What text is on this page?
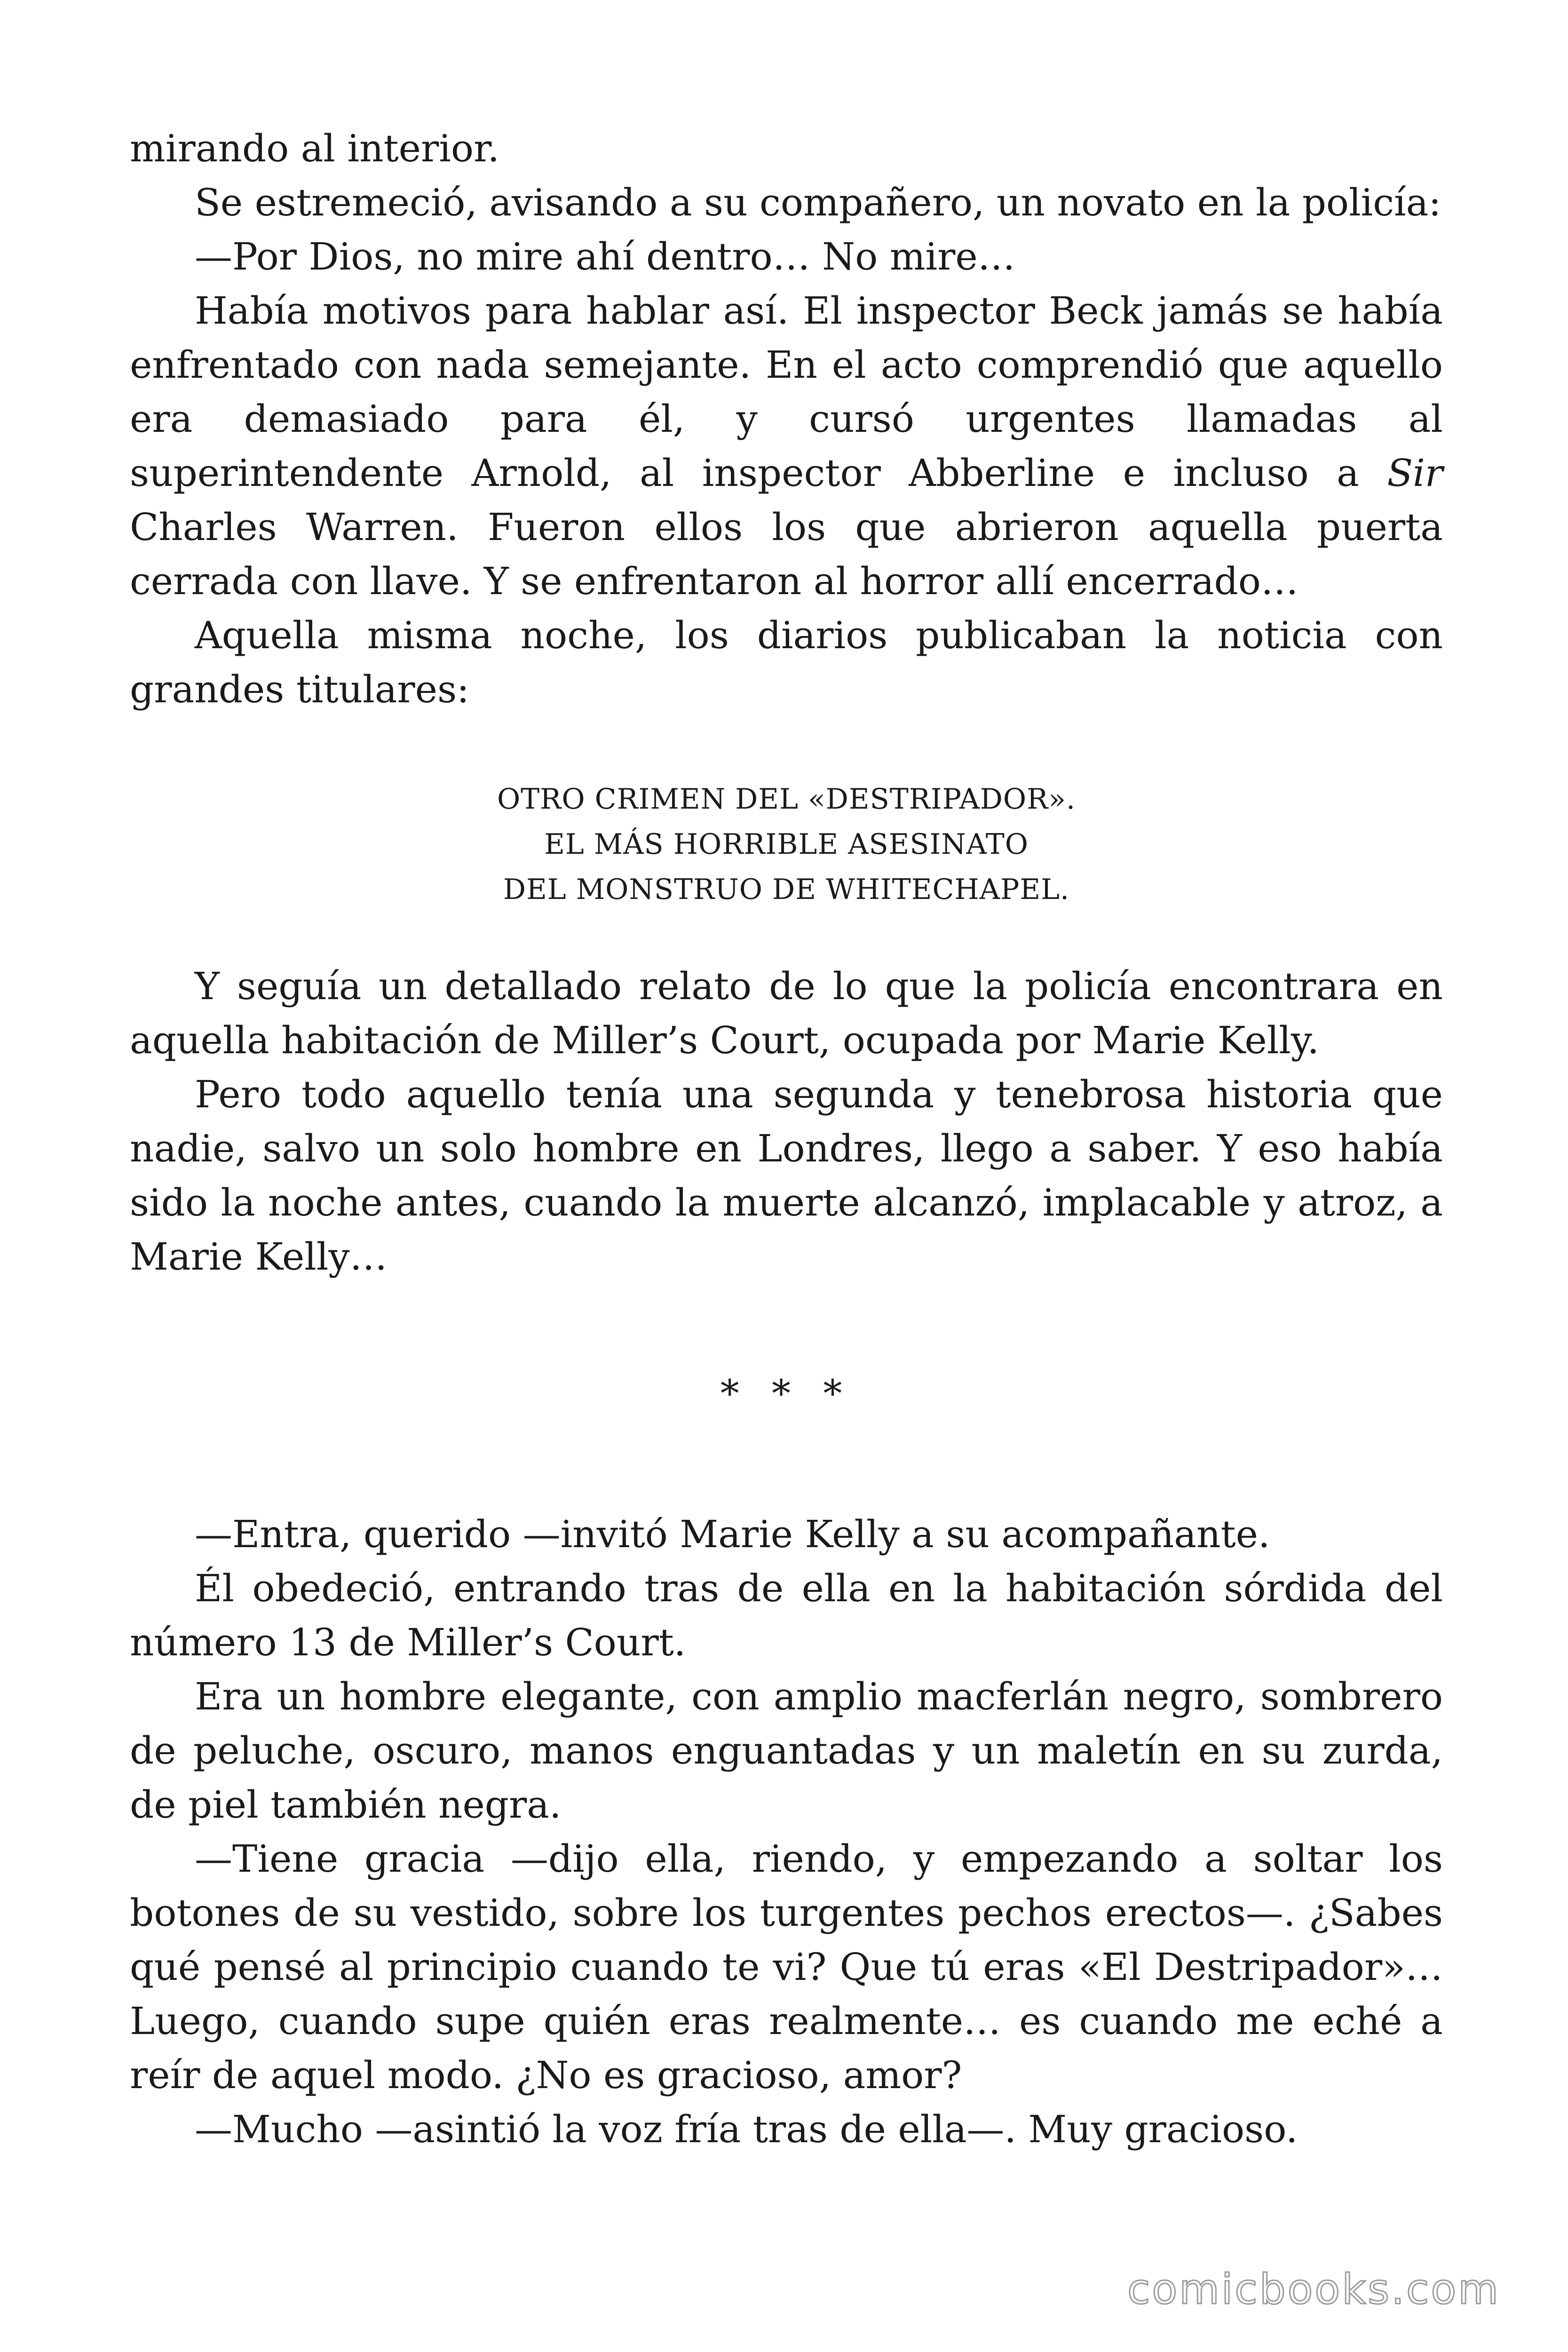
mirando al interior.

Se estremeció, avisando a su compañero, un novato en la policía:

—Por Dios, no mire ahí dentro… No mire…

Había motivos para hablar así. El inspector Beck jamás se había enfrentado con nada semejante. En el acto comprendió que aquello era demasiado para él, y cursó urgentes llamadas al superintendente Arnold, al inspector Abberline e incluso a Sir Charles Warren. Fueron ellos los que abrieron aquella puerta cerrada con llave. Y se enfrentaron al horror allí encerrado…

Aquella misma noche, los diarios publicaban la noticia con grandes titulares:

OTRO CRIMEN DEL «DESTRIPADOR».
EL MÁS HORRIBLE ASESINATO
DEL MONSTRUO DE WHITECHAPEL.

Y seguía un detallado relato de lo que la policía encontrara en aquella habitación de Miller’s Court, ocupada por Marie Kelly.

Pero todo aquello tenía una segunda y tenebrosa historia que nadie, salvo un solo hombre en Londres, llego a saber. Y eso había sido la noche antes, cuando la muerte alcanzó, implacable y atroz, a Marie Kelly…

* * *

—Entra, querido —invitó Marie Kelly a su acompañante.

Él obedeció, entrando tras de ella en la habitación sórdida del número 13 de Miller’s Court.

Era un hombre elegante, con amplio macferlán negro, sombrero de peluche, oscuro, manos enguantadas y un maletín en su zurda, de piel también negra.

—Tiene gracia —dijo ella, riendo, y empezando a soltar los botones de su vestido, sobre los turgentes pechos erectos—. ¿Sabes qué pensé al principio cuando te vi? Que tú eras «El Destripador»… Luego, cuando supe quién eras realmente… es cuando me eché a reír de aquel modo. ¿No es gracioso, amor?

—Mucho —asintió la voz fría tras de ella—. Muy gracioso.

comicbooks.com
